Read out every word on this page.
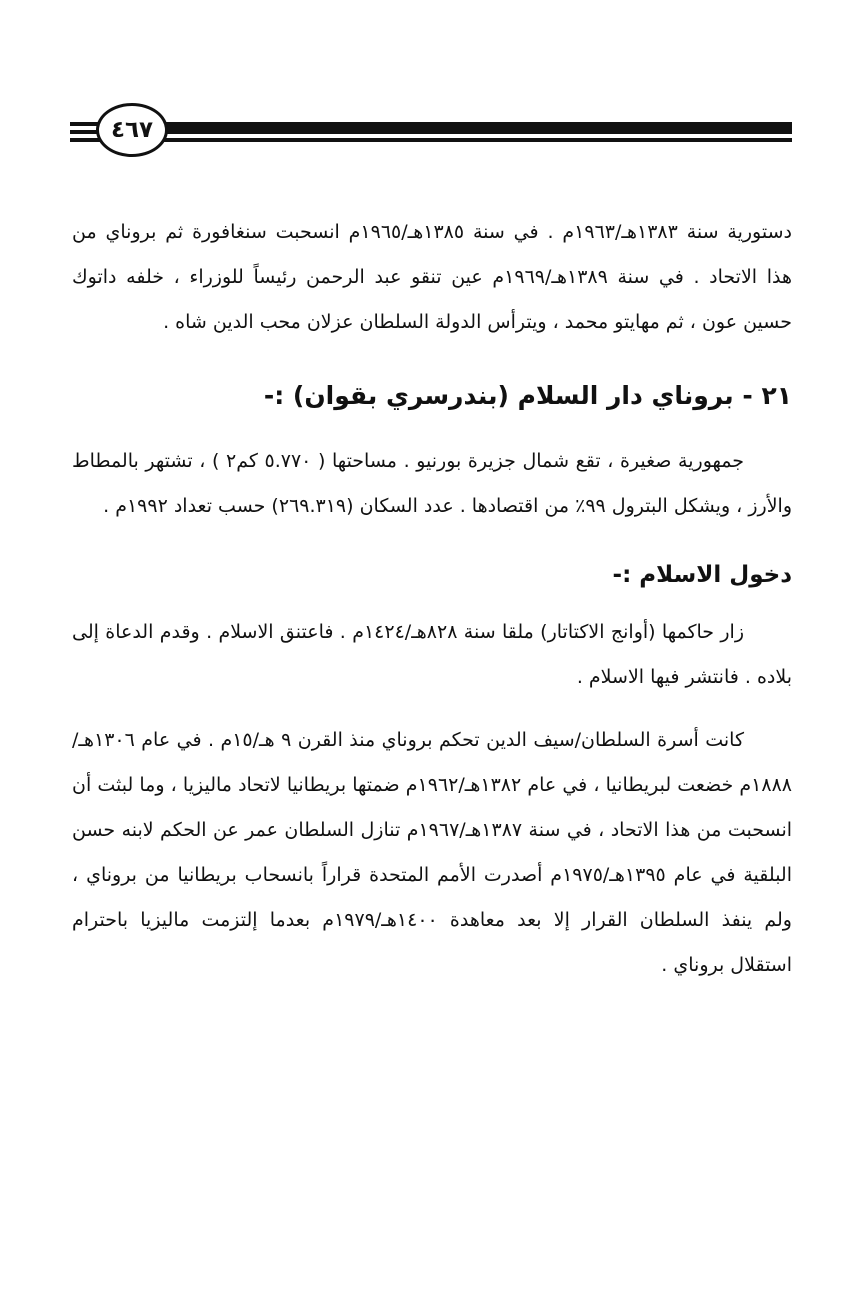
٤٦٧

دستورية سنة ١٣٨٣هـ/١٩٦٣م . في سنة ١٣٨٥هـ/١٩٦٥م انسحبت سنغافورة ثم بروناي من هذا الاتحاد . في سنة ١٣٨٩هـ/١٩٦٩م عين تنقو عبد الرحمن رئيساً للوزراء ، خلفه داتوك حسين عون ، ثم مهايتو محمد ، ويترأس الدولة السلطان عزلان محب الدين شاه .

٢١ - بروناي دار السلام (بندرسري بقوان) :-

جمهورية صغيرة ، تقع شمال جزيرة بورنيو . مساحتها ( ٥.٧٧٠ كم٢ ) ، تشتهر بالمطاط والأرز ، ويشكل البترول ٩٩٪ من اقتصادها . عدد السكان (٢٦٩.٣١٩) حسب تعداد ١٩٩٢م .

دخول الاسلام :-

زار حاكمها (أوانج الاكتاتار) ملقا سنة ٨٢٨هـ/١٤٢٤م . فاعتنق الاسلام . وقدم الدعاة إلى بلاده . فانتشر فيها الاسلام .

كانت أسرة السلطان/سيف الدين تحكم بروناي منذ القرن ٩ هـ/١٥م . في عام ١٣٠٦هـ/١٨٨٨م خضعت لبريطانيا ، في عام ١٣٨٢هـ/١٩٦٢م ضمتها بريطانيا لاتحاد ماليزيا ، وما لبثت أن انسحبت من هذا الاتحاد ، في سنة ١٣٨٧هـ/١٩٦٧م تنازل السلطان عمر عن الحكم لابنه حسن البلقية في عام ١٣٩٥هـ/١٩٧٥م أصدرت الأمم المتحدة قراراً بانسحاب بريطانيا من بروناي ، ولم ينفذ السلطان القرار إلا بعد معاهدة ١٤٠٠هـ/١٩٧٩م بعدما إلتزمت ماليزيا باحترام استقلال بروناي .
